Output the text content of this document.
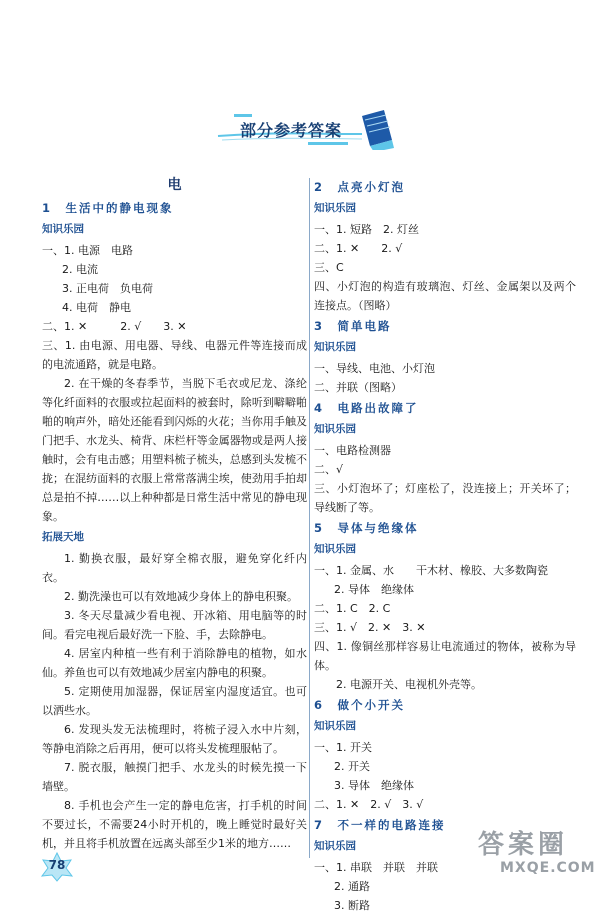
部分参考答案
电
1　生活中的静电现象
知识乐园

一、1. 电源　电路

2. 电流

3. 正电荷　负电荷

4. 电荷　静电

二、1. ✕　　　2. √　　3. ✕

三、1. 由电源、用电器、导线、电器元件等连接而成的电流通路，就是电路。

2. 在干燥的冬春季节，当脱下毛衣或尼龙、涤纶等化纤面料的衣服或拉起面料的被套时，除听到噼噼啪啪的响声外，暗处还能看到闪烁的火花；当你用手触及门把手、水龙头、椅背、床栏杆等金属器物或是两人接触时，会有电击感；用塑料梳子梳头，总感到头发梳不拢；在混纺面料的衣服上常常落满尘埃，使劲用手拍却总是拍不掉……以上种种都是日常生活中常见的静电现象。

拓展天地

1. 勤换衣服，最好穿全棉衣服，避免穿化纤内衣。

2. 勤洗澡也可以有效地减少身体上的静电积聚。

3. 冬天尽量减少看电视、开冰箱、用电脑等的时间。看完电视后最好洗一下脸、手，去除静电。

4. 居室内种植一些有利于消除静电的植物，如水仙。养鱼也可以有效地减少居室内静电的积聚。

5. 定期使用加湿器，保证居室内湿度适宜。也可以洒些水。

6. 发现头发无法梳理时，将梳子浸入水中片刻，等静电消除之后再用，便可以将头发梳理服帖了。

7. 脱衣服，触摸门把手、水龙头的时候先摸一下墙壁。

8. 手机也会产生一定的静电危害，打手机的时间不要过长，不需要24小时开机的，晚上睡觉时最好关机，并且将手机放置在远离头部至少1米的地方……

2　点亮小灯泡
知识乐园

一、1. 短路　2. 灯丝

二、1. ✕　　2. √

三、C

四、小灯泡的构造有玻璃泡、灯丝、金属架以及两个连接点。（图略）

3　简单电路
知识乐园

一、导线、电池、小灯泡

二、并联（图略）

4　电路出故障了
知识乐园

一、电路检测器

二、√

三、小灯泡坏了；灯座松了，没连接上；开关坏了；导线断了等。

5　导体与绝缘体
知识乐园

一、1. 金属、水　　干木材、橡胶、大多数陶瓷

2. 导体　绝缘体

二、1. C　2. C

三、1. √　2. ✕　3. ✕

四、1. 像铜丝那样容易让电流通过的物体，被称为导体。

2. 电源开关、电视机外壳等。

6　做个小开关
知识乐园

一、1. 开关

2. 开关

3. 导体　绝缘体

二、1. ✕　2. √　3. √

7　不一样的电路连接
知识乐园

一、1. 串联　并联　并联

2. 通路

3. 断路

78
答案圈
MXQE.COM
